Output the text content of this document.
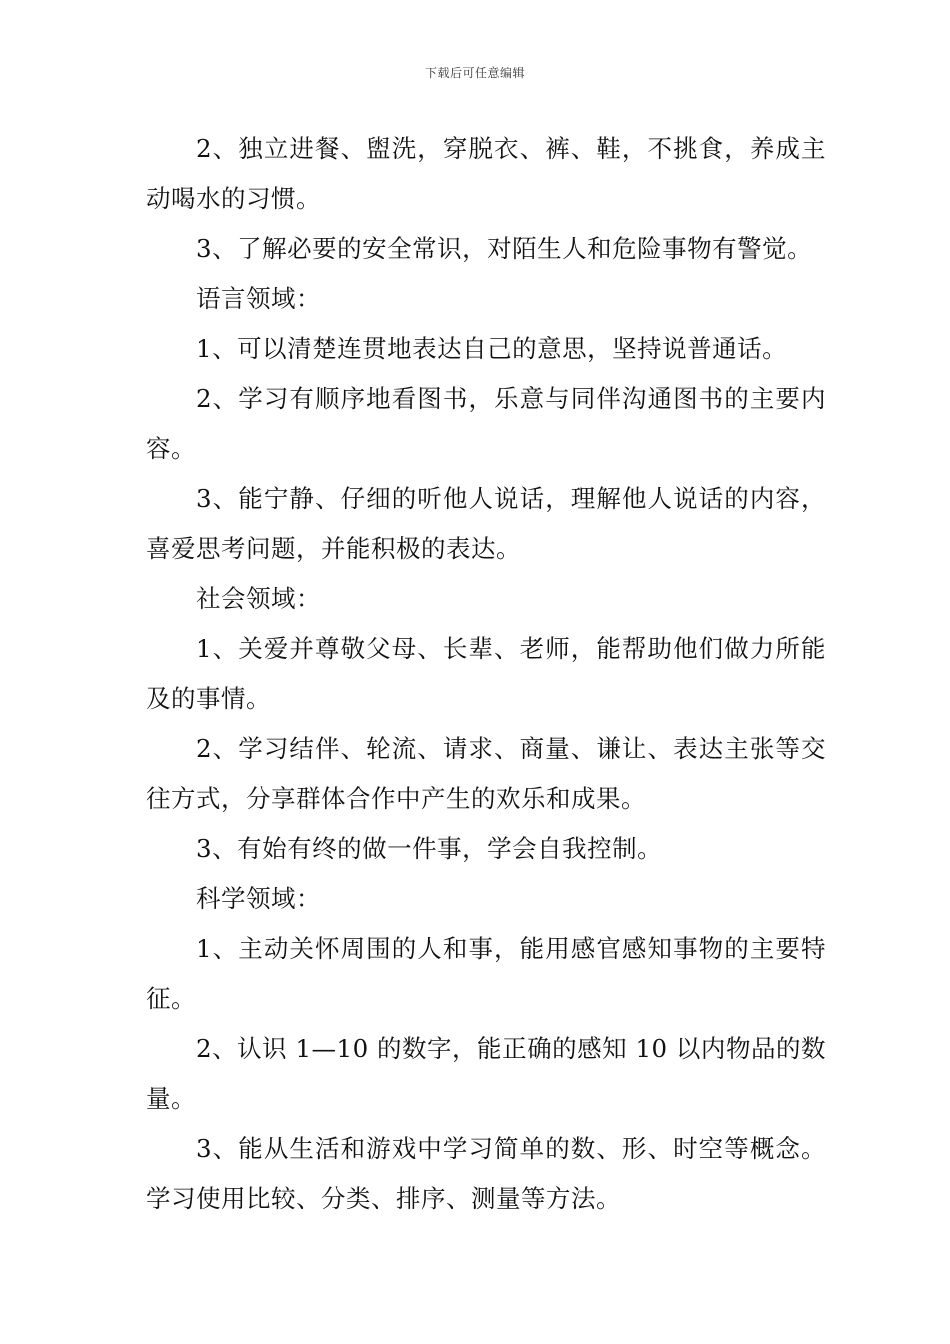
下载后可任意编辑

2、独立进餐、盥洗，穿脱衣、裤、鞋，不挑食，养成主动喝水的习惯。

3、了解必要的安全常识，对陌生人和危险事物有警觉。

语言领域：

1、可以清楚连贯地表达自己的意思，坚持说普通话。

2、学习有顺序地看图书，乐意与同伴沟通图书的主要内容。

3、能宁静、仔细的听他人说话，理解他人说话的内容，喜爱思考问题，并能积极的表达。

社会领域：

1、关爱并尊敬父母、长辈、老师，能帮助他们做力所能及的事情。

2、学习结伴、轮流、请求、商量、谦让、表达主张等交往方式，分享群体合作中产生的欢乐和成果。

3、有始有终的做一件事，学会自我控制。

科学领域：

1、主动关怀周围的人和事，能用感官感知事物的主要特征。

2、认识 1—10 的数字，能正确的感知 10 以内物品的数量。

3、能从生活和游戏中学习简单的数、形、时空等概念。学习使用比较、分类、排序、测量等方法。
